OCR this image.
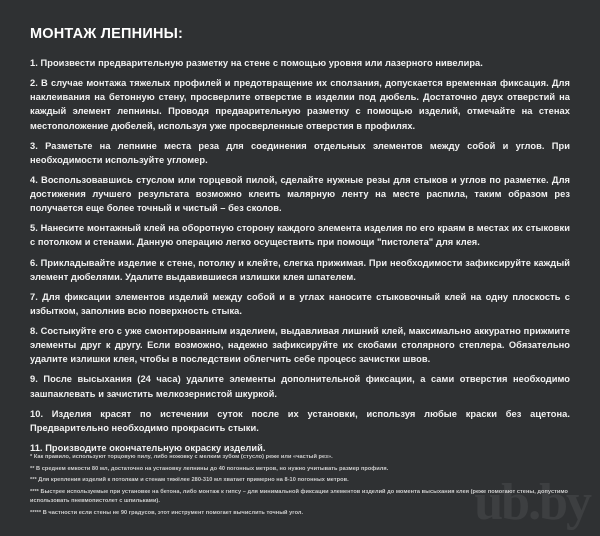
МОНТАЖ ЛЕПНИНЫ:

1. Произвести предварительную разметку на стене с помощью уровня или лазерного нивелира.

2. В случае монтажа тяжелых профилей и предотвращение их сползания, допускается временная фиксация. Для наклеивания на бетонную стену, просверлите отверстие в изделии под дюбель. Достаточно двух отверстий на каждый элемент лепнины. Проводя предварительную разметку с помощью изделий, отмечайте на стенах местоположение дюбелей, используя уже просверленные отверстия в профилях.

3. Разметьте на лепнине места реза для соединения отдельных элементов между собой и углов. При необходимости используйте угломер.

4. Воспользовавшись стуслом или торцевой пилой, сделайте нужные резы для стыков и углов по разметке. Для достижения лучшего результата возможно клеить малярную ленту на месте распила, таким образом рез получается еще более точный и чистый – без сколов.

5. Нанесите монтажный клей на оборотную сторону каждого элемента изделия по его краям в местах их стыковки с потолком и стенами. Данную операцию легко осуществить при помощи "пистолета" для клея.

6. Прикладывайте изделие к стене, потолку и клейте, слегка прижимая. При необходимости зафиксируйте каждый элемент дюбелями. Удалите выдавившиеся излишки клея шпателем.

7. Для фиксации элементов изделий между собой и в углах наносите стыковочный клей на одну плоскость с избытком, заполнив всю поверхность стыка.

8. Состыкуйте его с уже смонтированным изделием, выдавливая лишний клей, максимально аккуратно прижмите элементы друг к другу. Если возможно, надежно зафиксируйте их скобами столярного степлера. Обязательно удалите излишки клея, чтобы в последствии облегчить себе процесс зачистки швов.

9. После высыхания (24 часа) удалите элементы дополнительной фиксации, а сами отверстия необходимо зашпаклевать и зачистить мелкозернистой шкуркой.

10. Изделия красят по истечении суток после их установки, используя любые краски без ацетона. Предварительно необходимо прокрасить стыки.

11. Производите окончательную окраску изделий.

* Как правило, используют торцовую пилу, либо ножовку с мелким зубом (стусло) реже или «частый рез».

** В среднем емкости 80 мл, достаточно на установку лепнины до 40 погонных метров, но нужно учитывать размер профиля.

*** Для крепления изделий к потолкам и стенам тяжёлее 280-310 мл хватает примерно на 8-10 погонных метров.

**** Быстрее используемые при установке на бетона, либо монтаж к гипсу – для минимальной фиксации элементов изделий до момента высыхания клея (реже помогают стены, допустимо использовать пневмопистолет с шпильками).

***** В частности если стены не 90 градусов, этот инструмент помогает вычислить точный угол.	ub.by
